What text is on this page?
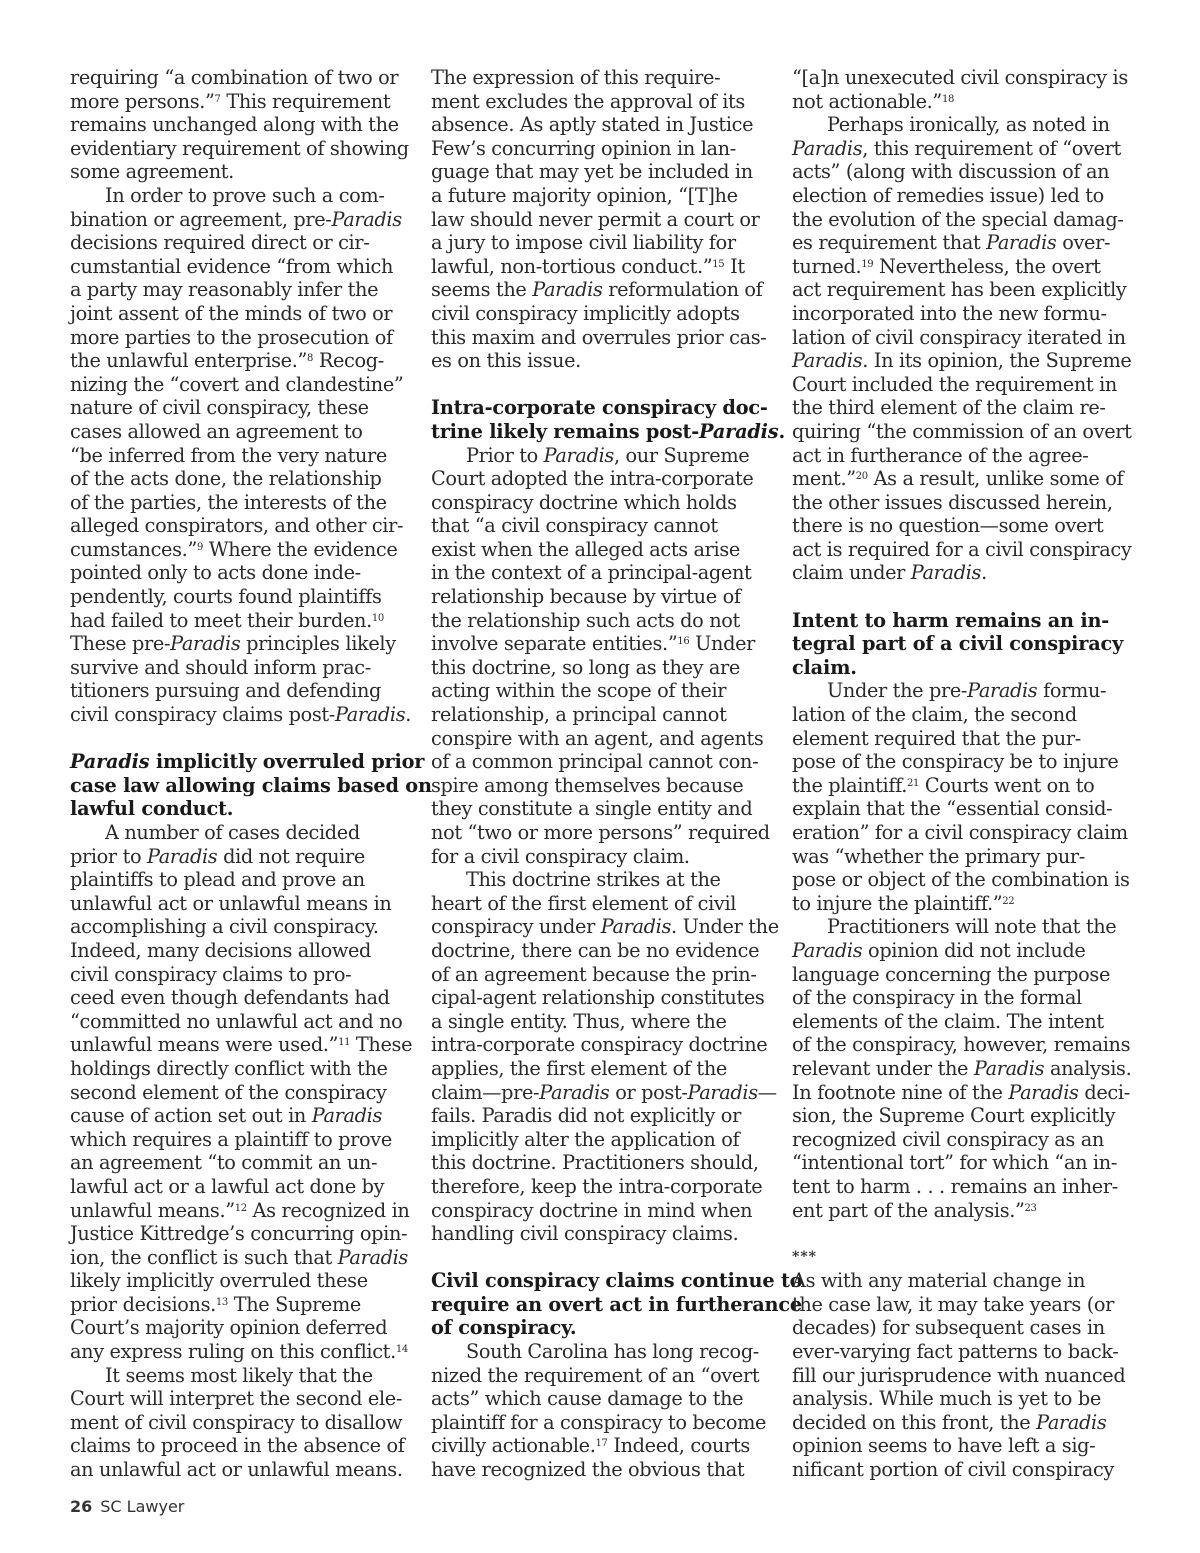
requiring “a combination of two or
more persons.”$^7$ This requirement
remains unchanged along with the
evidentiary requirement of showing
some agreement.
In order to prove such a com-
bination or agreement, pre-Paradis
decisions required direct or cir-
cumstantial evidence “from which
a party may reasonably infer the
joint assent of the minds of two or
more parties to the prosecution of
the unlawful enterprise.”$^8$ Recog-
nizing the “covert and clandestine”
nature of civil conspiracy, these
cases allowed an agreement to
“be inferred from the very nature
of the acts done, the relationship
of the parties, the interests of the
alleged conspirators, and other cir-
cumstances.”$^9$ Where the evidence
pointed only to acts done inde-
pendently, courts found plaintiffs
had failed to meet their burden.$^{10}$
These pre-Paradis principles likely
survive and should inform prac-
titioners pursuing and defending
civil conspiracy claims post-Paradis.
Paradis implicitly overruled prior
case law allowing claims based on
lawful conduct.
A number of cases decided
prior to Paradis did not require
plaintiffs to plead and prove an
unlawful act or unlawful means in
accomplishing a civil conspiracy.
Indeed, many decisions allowed
civil conspiracy claims to pro-
ceed even though defendants had
“committed no unlawful act and no
unlawful means were used.”$^{11}$ These
holdings directly conflict with the
second element of the conspiracy
cause of action set out in Paradis
which requires a plaintiff to prove
an agreement “to commit an un-
lawful act or a lawful act done by
unlawful means.”$^{12}$ As recognized in
Justice Kittredge’s concurring opin-
ion, the conflict is such that Paradis
likely implicitly overruled these
prior decisions.$^{13}$ The Supreme
Court’s majority opinion deferred
any express ruling on this conflict.$^{14}$
It seems most likely that the
Court will interpret the second ele-
ment of civil conspiracy to disallow
claims to proceed in the absence of
an unlawful act or unlawful means.
The expression of this require-
ment excludes the approval of its
absence. As aptly stated in Justice
Few’s concurring opinion in lan-
guage that may yet be included in
a future majority opinion, “[T]he
law should never permit a court or
a jury to impose civil liability for
lawful, non-tortious conduct.”$^{15}$ It
seems the Paradis reformulation of
civil conspiracy implicitly adopts
this maxim and overrules prior cas-
es on this issue.
Intra-corporate conspiracy doc-
trine likely remains post-Paradis.
Prior to Paradis, our Supreme
Court adopted the intra-corporate
conspiracy doctrine which holds
that “a civil conspiracy cannot
exist when the alleged acts arise
in the context of a principal-agent
relationship because by virtue of
the relationship such acts do not
involve separate entities.”$^{16}$ Under
this doctrine, so long as they are
acting within the scope of their
relationship, a principal cannot
conspire with an agent, and agents
of a common principal cannot con-
spire among themselves because
they constitute a single entity and
not “two or more persons” required
for a civil conspiracy claim.
This doctrine strikes at the
heart of the first element of civil
conspiracy under Paradis. Under the
doctrine, there can be no evidence
of an agreement because the prin-
cipal-agent relationship constitutes
a single entity. Thus, where the
intra-corporate conspiracy doctrine
applies, the first element of the
claim—pre-Paradis or post-Paradis—
fails. Paradis did not explicitly or
implicitly alter the application of
this doctrine. Practitioners should,
therefore, keep the intra-corporate
conspiracy doctrine in mind when
handling civil conspiracy claims.
Civil conspiracy claims continue to
require an overt act in furtherance
of conspiracy.
South Carolina has long recog-
nized the requirement of an “overt
acts” which cause damage to the
plaintiff for a conspiracy to become
civilly actionable.$^{17}$ Indeed, courts
have recognized the obvious that
“[a]n unexecuted civil conspiracy is
not actionable.”$^{18}$
Perhaps ironically, as noted in
Paradis, this requirement of “overt
acts” (along with discussion of an
election of remedies issue) led to
the evolution of the special damag-
es requirement that Paradis over-
turned.$^{19}$ Nevertheless, the overt
act requirement has been explicitly
incorporated into the new formu-
lation of civil conspiracy iterated in
Paradis. In its opinion, the Supreme
Court included the requirement in
the third element of the claim re-
quiring “the commission of an overt
act in furtherance of the agree-
ment.”$^{20}$ As a result, unlike some of
the other issues discussed herein,
there is no question—some overt
act is required for a civil conspiracy
claim under Paradis.
Intent to harm remains an in-
tegral part of a civil conspiracy
claim.
Under the pre-Paradis formu-
lation of the claim, the second
element required that the pur-
pose of the conspiracy be to injure
the plaintiff.$^{21}$ Courts went on to
explain that the “essential consid-
eration” for a civil conspiracy claim
was “whether the primary pur-
pose or object of the combination is
to injure the plaintiff.”$^{22}$
Practitioners will note that the
Paradis opinion did not include
language concerning the purpose
of the conspiracy in the formal
elements of the claim. The intent
of the conspiracy, however, remains
relevant under the Paradis analysis.
In footnote nine of the Paradis deci-
sion, the Supreme Court explicitly
recognized civil conspiracy as an
“intentional tort” for which “an in-
tent to harm . . . remains an inher-
ent part of the analysis.”$^{23}$
***
As with any material change in
the case law, it may take years (or
decades) for subsequent cases in
ever-varying fact patterns to back-
fill our jurisprudence with nuanced
analysis. While much is yet to be
decided on this front, the Paradis
opinion seems to have left a sig-
nificant portion of civil conspiracy
26 SC Lawyer
